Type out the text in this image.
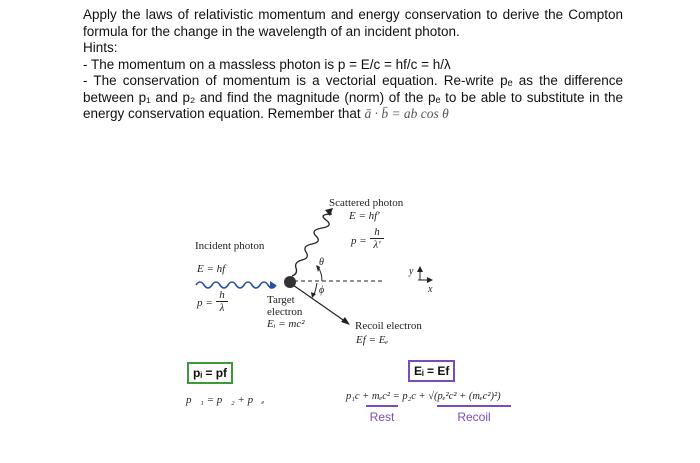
Apply the laws of relativistic momentum and energy conservation to derive the Compton formula for the change in the wavelength of an incident photon.

Hints:

- The momentum on a massless photon is p = E/c = hf/c = h/λ

- The conservation of momentum is a vectorial equation. Re-write pₑ as the difference between p₁ and p₂ and find the magnitude (norm) of the pₑ to be able to substitute in the energy conservation equation. Remember that ā · b̄ = ab cos θ

Incident photon
E = hf
$p = \frac{h}{\lambda}$
Scattered photon
E = hf′
$p = \frac{h}{\lambda'}$
θ
ϕ
y
x
Target
electron
Eᵢ = mc²	Recoil electron
Ef = Eₑ
pᵢ = pf
p⃗₁ = p⃗₂ + p⃗ₑ
Eᵢ = Ef
p₁c + mₑc² = p₂c + √(pₑ²c² + (mₑc²)²)
Rest	Recoil
